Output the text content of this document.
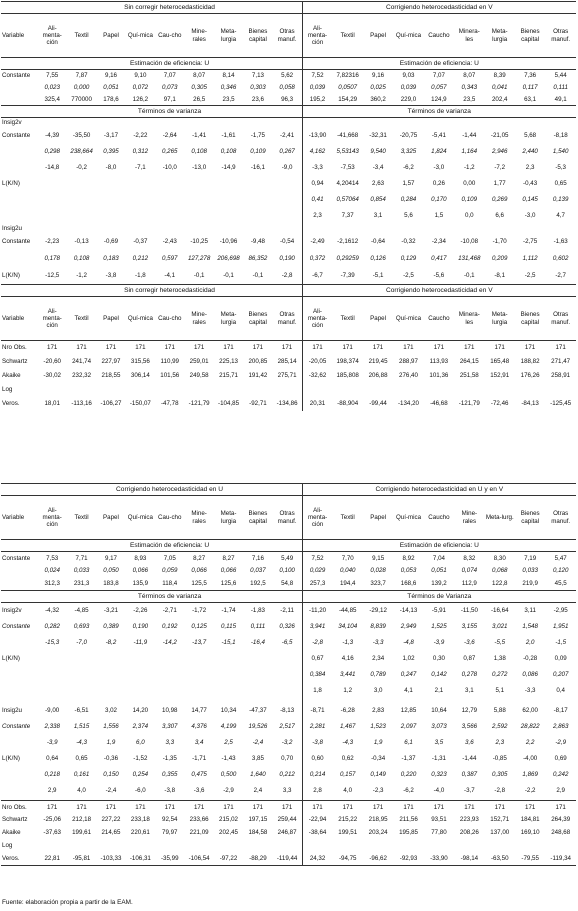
	Sin corregir heterocedasticidad									Corrigiendo heterocedasticidad en V								
Variable	Ali-menta-ción	Textil	Papel	Quí-mica	Cau-cho	Mine-rales	Meta-lurgia	Bienes capital	Otras manuf.	Ali-menta-ción	Textil	Papel	Quí-mica	Caucho	Minera-les	Meta-lurgia	Bienes capital	Otras manuf.
	Estimación de eficiencia: U									Estimación de eficiencia: U								
Constante	7,55	7,87	9,16	9,10	7,07	8,07	8,14	7,13	5,62	7,52	7,82316	9,16	9,03	7,07	8,07	8,39	7,36	5,44
	0,023	0,000	0,051	0,072	0,073	0,305	0,346	0,303	0,058	0,039	0,0507	0,025	0,039	0,057	0,343	0,041	0,117	0,111
	325,4	770000	178,6	126,2	97,1	26,5	23,5	23,6	96,3	195,2	154,29	360,2	229,0	124,9	23,5	202,4	63,1	49,1
	Términos de varianza									Términos de varianza								
Insig2v																		
Constante	-4,39	-35,50	-3,17	-2,22	-2,64	-1,41	-1,61	-1,75	-2,41	-13,90	-41,668	-32,31	-20,75	-5,41	-1,44	-21,05	5,68	-8,18
	0,298	238,664	0,395	0,312	0,265	0,108	0,108	0,109	0,267	4,162	5,53143	9,540	3,325	1,824	1,164	2,946	2,440	1,540
	-14,8	-0,2	-8,0	-7,1	-10,0	-13,0	-14,9	-16,1	-9,0	-3,3	-7,53	-3,4	-6,2	-3,0	-1,2	-7,2	2,3	-5,3
L(K/N)										0,94	4,20414	2,63	1,57	0,26	0,00	1,77	-0,43	0,65
										0,41	0,57064	0,854	0,284	0,170	0,109	0,269	0,145	0,139
										2,3	7,37	3,1	5,6	1,5	0,0	6,6	-3,0	4,7
Insig2u																		
Constante	-2,23	-0,13	-0,69	-0,37	-2,43	-10,25	-10,96	-9,48	-0,54	-2,49	-2,1612	-0,64	-0,32	-2,34	-10,08	-1,70	-2,75	-1,63
	0,178	0,108	0,183	0,212	0,597	127,278	206,698	86,352	0,190	0,372	0,29259	0,126	0,129	0,417	131,468	0,209	1,112	0,602
L(K/N)	-12,5	-1,2	-3,8	-1,8	-4,1	-0,1	-0,1	-0,1	-2,8	-6,7	-7,39	-5,1	-2,5	-5,6	-0,1	-8,1	-2,5	-2,7
	Sin corregir heterocedasticidad									Corrigiendo heterocedasticidad en V								
Variable	Ali-menta-ción	Textil	Papel	Quí-mica	Cau-cho	Mine-rales	Meta-lurgia	Bienes capital	Otras manuf.	Ali-menta-ción	Textil	Papel	Quí-mica	Caucho	Minera-les	Meta-lurgia	Bienes capital	Otras manuf.
Nro Obs.	171	171	171	171	171	171	171	171	171	171	171	171	171	171	171	171	171	171
Schwartz	-20,60	241,74	227,97	315,56	110,99	259,01	225,13	200,85	285,14	-20,05	198,374	219,45	288,97	113,93	264,15	165,48	188,82	271,47
Akaike	-30,02	232,32	218,55	306,14	101,56	249,58	215,71	191,42	275,71	-32,62	185,808	206,88	276,40	101,36	251,58	152,91	176,26	258,91
Log																		
Veros.	18,01	-113,16	-106,27	-150,07	-47,78	-121,79	-104,85	-92,71	-134,86	20,31	-88,904	-99,44	-134,20	-46,68	-121,79	-72,46	-84,13	-125,45
	Corrigiendo heterocedasticidad en U									Corrigiendo heterocedasticidad en U y en V								
Variable	Ali-menta-ción	Textil	Papel	Quí-mica	Cau-cho	Mine-rales	Meta-lurgia	Bienes capital	Otras manuf.	Ali-menta-ción	Textil	Papel	Quí-mica	Caucho	Mine-rales	Meta-lurg.	Bienes capital	Otras manuf.
	Estimación de eficiencia: U									Estimación de eficiencia: U								
Constante	7,53	7,71	9,17	8,93	7,05	8,27	8,27	7,16	5,49	7,52	7,70	9,15	8,92	7,04	8,32	8,30	7,19	5,47
	0,024	0,033	0,050	0,066	0,059	0,066	0,066	0,037	0,100	0,029	0,040	0,028	0,053	0,051	0,074	0,068	0,033	0,120
	312,3	231,3	183,8	135,9	118,4	125,5	125,6	192,5	54,8	257,3	194,4	323,7	168,6	139,2	112,9	122,8	219,9	45,5
	Términos de varianza									Términos de Varianza								
Insig2v	-4,32	-4,85	-3,21	-2,26	-2,71	-1,72	-1,74	-1,83	-2,11	-11,20	-44,85	-29,12	-14,13	-5,91	-11,50	-16,64	3,11	-2,95
Constante	0,282	0,693	0,389	0,190	0,192	0,125	0,115	0,111	0,326	3,941	34,104	8,839	2,949	1,525	3,155	3,021	1,548	1,951
	-15,3	-7,0	-8,2	-11,9	-14,2	-13,7	-15,1	-16,4	-6,5	-2,8	-1,3	-3,3	-4,8	-3,9	-3,6	-5,5	2,0	-1,5
L(K/N)										0,67	4,16	2,34	1,02	0,30	0,87	1,38	-0,28	0,09
										0,384	3,441	0,789	0,247	0,142	0,278	0,272	0,086	0,207
										1,8	1,2	3,0	4,1	2,1	3,1	5,1	-3,3	0,4

Insig2u	-9,00	-6,51	3,02	14,20	10,98	14,77	10,34	-47,37	-8,13	-8,71	-6,28	2,83	12,85	10,64	12,79	5,88	62,00	-8,17
Constante	2,338	1,515	1,556	2,374	3,307	4,376	4,199	19,526	2,517	2,281	1,467	1,523	2,097	3,073	3,566	2,592	28,822	2,863
	-3,9	-4,3	1,9	6,0	3,3	3,4	2,5	-2,4	-3,2	-3,8	-4,3	1,9	6,1	3,5	3,6	2,3	2,2	-2,9
L(K/N)	0,64	0,65	-0,36	-1,52	-1,35	-1,71	-1,43	3,85	0,70	0,60	0,62	-0,34	-1,37	-1,31	-1,44	-0,85	-4,00	0,69
	0,218	0,161	0,150	0,254	0,355	0,475	0,500	1,640	0,212	0,214	0,157	0,149	0,220	0,323	0,387	0,305	1,869	0,242
	2,9	4,0	-2,4	-6,0	-3,8	-3,6	-2,9	2,4	3,3	2,8	4,0	-2,3	-6,2	-4,0	-3,7	-2,8	-2,2	2,9

Nro Obs.	171	171	171	171	171	171	171	171	171	171	171	171	171	171	171	171	171	171
Schwartz	-25,06	212,18	227,22	233,18	92,54	233,66	215,02	197,15	259,44	-22,94	215,22	218,95	211,56	93,51	223,93	152,71	184,81	264,39
Akaike	-37,63	199,61	214,65	220,61	79,97	221,09	202,45	184,58	246,87	-38,64	199,51	203,24	195,85	77,80	208,26	137,00	169,10	248,68
Log																		
Veros.	22,81	-95,81	-103,33	-106,31	-35,99	-106,54	-97,22	-88,29	-119,44	24,32	-94,75	-96,62	-92,93	-33,90	-98,14	-63,50	-79,55	-119,34

Fuente: elaboración propia a partir de la EAM.
